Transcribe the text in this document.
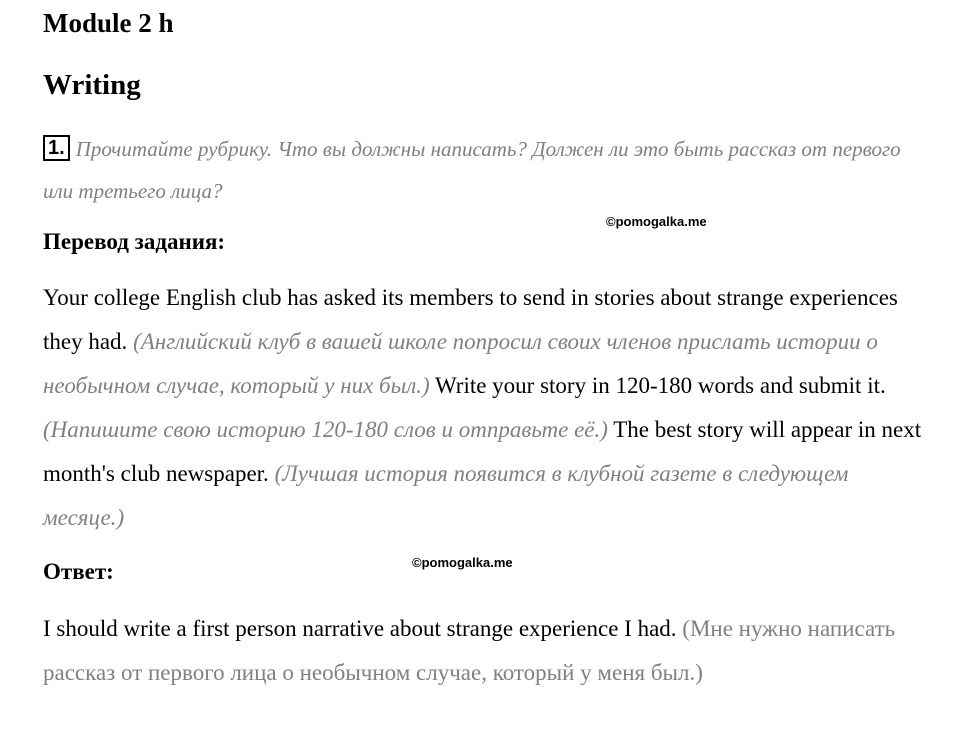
Module 2 h
Writing
1. Прочитайте рубрику. Что вы должны написать? Должен ли это быть рассказ от первого или третьего лица?
©pomogalka.me
Перевод задания:
Your college English club has asked its members to send in stories about strange experiences they had. (Английский клуб в вашей школе попросил своих членов прислать истории о необычном случае, который у них был.) Write your story in 120-180 words and submit it. (Напишите свою историю 120-180 слов и отправьте её.) The best story will appear in next month's club newspaper. (Лучшая история появится в клубной газете в следующем месяце.)
©pomogalka.me
Ответ:
I should write a first person narrative about strange experience I had. (Мне нужно написать рассказ от первого лица о необычном случае, который у меня был.)
